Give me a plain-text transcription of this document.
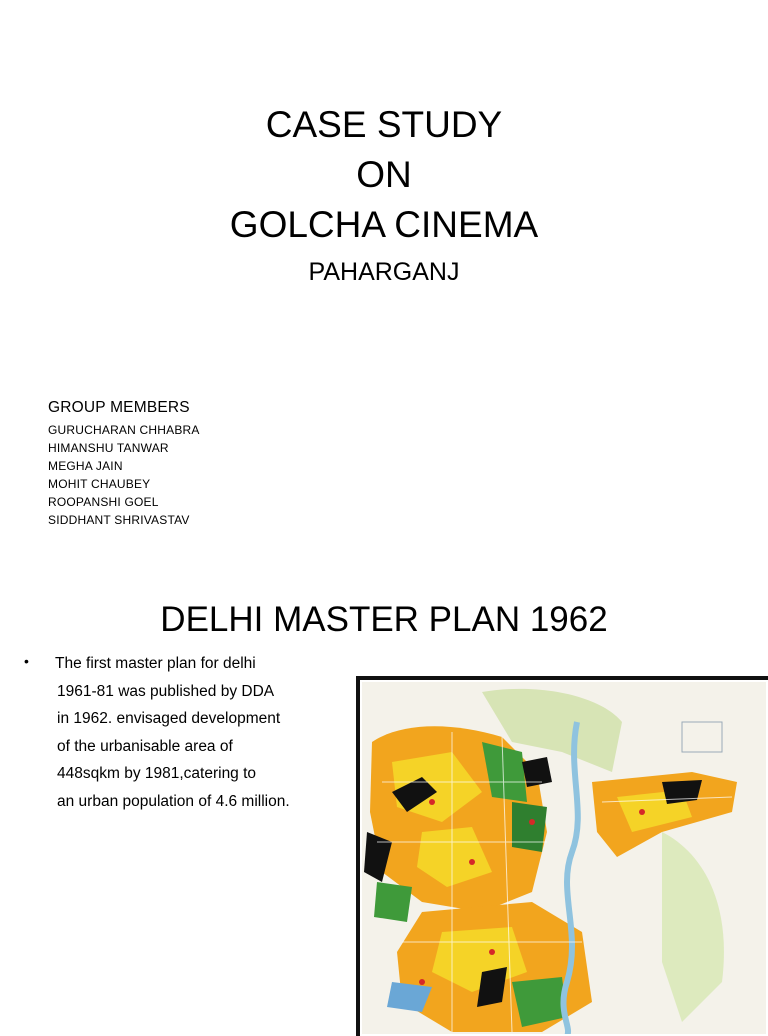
CASE STUDY
ON
GOLCHA CINEMA
PAHARGANJ
GROUP MEMBERS
GURUCHARAN CHHABRA
HIMANSHU TANWAR
MEGHA JAIN
MOHIT CHAUBEY
ROOPANSHI GOEL
SIDDHANT SHRIVASTAV
DELHI MASTER PLAN 1962
• The first master plan for delhi
1961-81 was published by DDA
in 1962. envisaged development
of the urbanisable area of
448sqkm by 1981,catering to
an urban population of 4.6 million.
